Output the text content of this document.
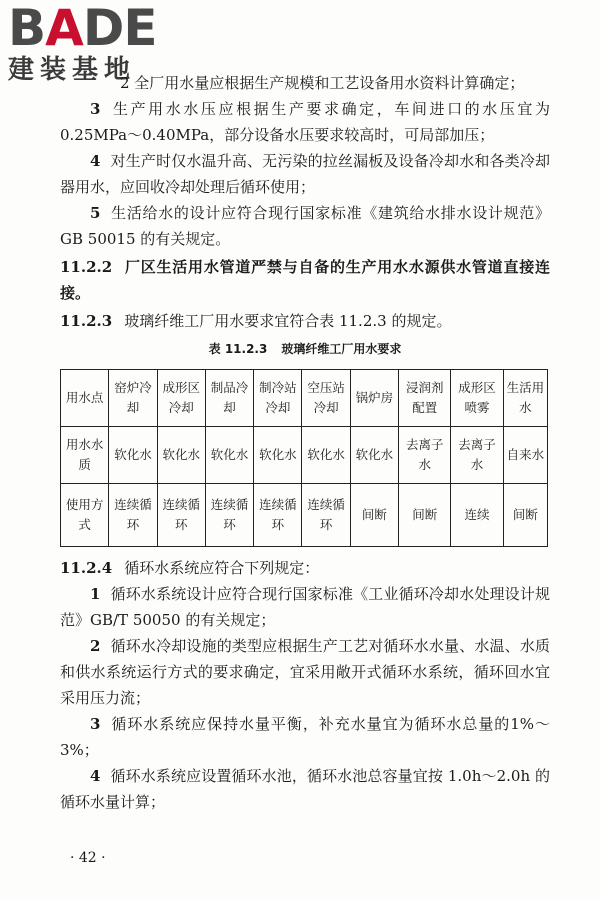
BADE
建装基地

2 全厂用水量应根据生产规模和工艺设备用水资料计算确定；

3 生产用水水压应根据生产要求确定，车间进口的水压宜为0.25MPa～0.40MPa，部分设备水压要求较高时，可局部加压；

4 对生产时仅水温升高、无污染的拉丝漏板及设备冷却水和各类冷却器用水，应回收冷却处理后循环使用；

5 生活给水的设计应符合现行国家标准《建筑给水排水设计规范》GB 50015 的有关规定。

11.2.2 厂区生活用水管道严禁与自备的生产用水水源供水管道直接连接。

11.2.3 玻璃纤维工厂用水要求宜符合表 11.2.3 的规定。

表 11.2.3 玻璃纤维工厂用水要求
用水点	窑炉冷却	成形区冷却	制品冷却	制冷站冷却	空压站冷却	锅炉房	浸润剂配置	成形区喷雾	生活用水
用水水质	软化水	软化水	软化水	软化水	软化水	软化水	去离子水	去离子水	自来水
使用方式	连续循环	连续循环	连续循环	连续循环	连续循环	间断	间断	连续	间断

11.2.4 循环水系统应符合下列规定：

1 循环水系统设计应符合现行国家标准《工业循环冷却水处理设计规范》GB/T 50050 的有关规定；

2 循环水冷却设施的类型应根据生产工艺对循环水水量、水温、水质和供水系统运行方式的要求确定，宜采用敞开式循环水系统，循环回水宜采用压力流；

3 循环水系统应保持水量平衡，补充水量宜为循环水总量的1%～3%；

4 循环水系统应设置循环水池，循环水池总容量宜按 1.0h～2.0h 的循环水量计算；

· 42 ·
